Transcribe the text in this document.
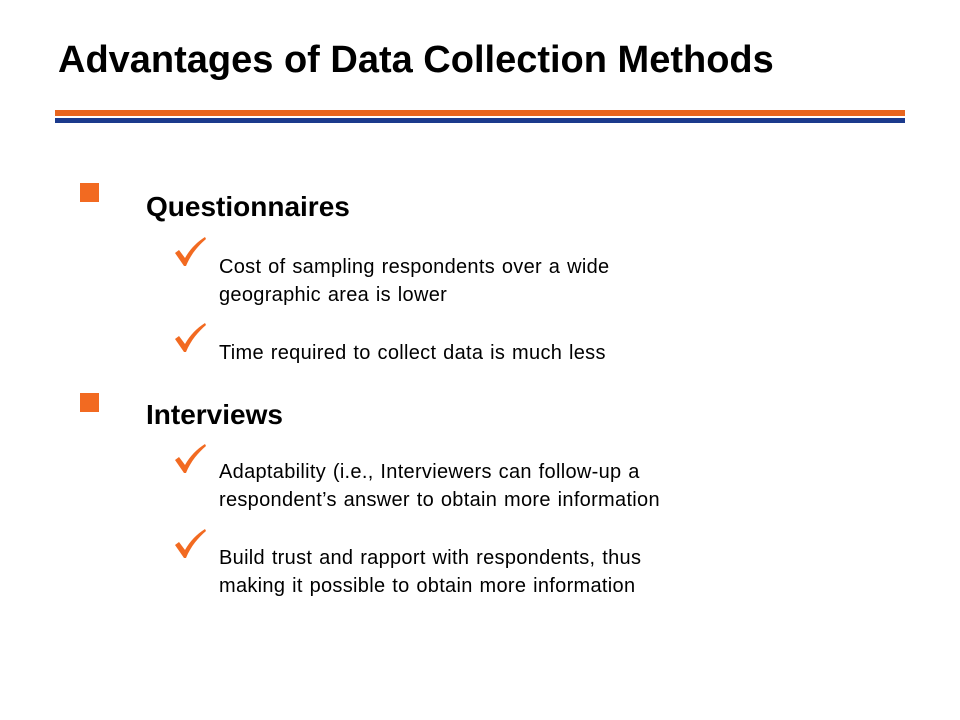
Advantages of Data Collection Methods
Questionnaires
Cost of sampling respondents over a wide
geographic area is lower
Time required to collect data is much less
Interviews
Adaptability (i.e., Interviewers can follow-up a
respondent’s answer to obtain more information
Build trust and rapport with respondents, thus
making it possible to obtain more information
